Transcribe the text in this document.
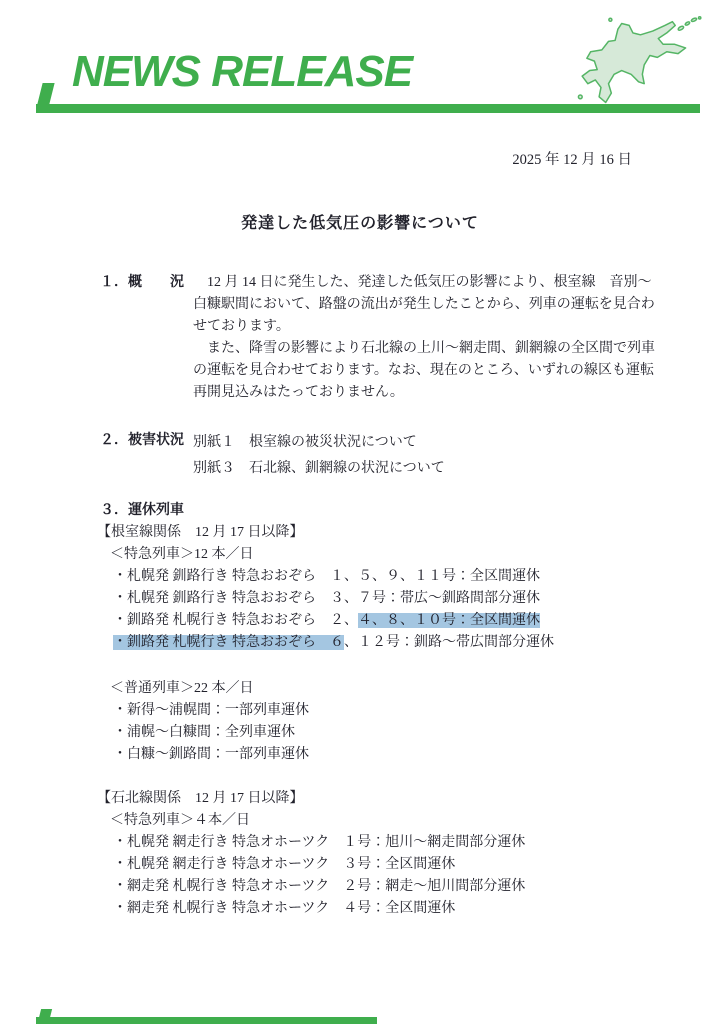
NEWS RELEASE
2025 年 12 月 16 日
発達した低気圧の影響について
１．概　　況 　12 月 14 日に発生した、発達した低気圧の影響により、根室線　音別～
白糠駅間において、路盤の流出が発生したことから、列車の運転を見合わ
せております。
　また、降雪の影響により石北線の上川～網走間、釧網線の全区間で列車
の運転を見合わせております。なお、現在のところ、いずれの線区も運転
再開見込みはたっておりません。
２．被害状況 別紙１　根室線の被災状況について
別紙３　石北線、釧網線の状況について
３．運休列車
【根室線関係　12 月 17 日以降】
＜特急列車＞12 本／日
・札幌発 釧路行き 特急おおぞら　１、５、９、１１号：全区間運休
・札幌発 釧路行き 特急おおぞら　３、７号：帯広～釧路間部分運休
・釧路発 札幌行き 特急おおぞら　２、４、８、１０号：全区間運休
・釧路発 札幌行き 特急おおぞら　６、１２号：釧路～帯広間部分運休
＜普通列車＞22 本／日
・新得～浦幌間：一部列車運休
・浦幌～白糠間：全列車運休
・白糠～釧路間：一部列車運休
【石北線関係　12 月 17 日以降】
＜特急列車＞４本／日
・札幌発 網走行き 特急オホーツク　１号：旭川～網走間部分運休
・札幌発 網走行き 特急オホーツク　３号：全区間運休
・網走発 札幌行き 特急オホーツク　２号：網走～旭川間部分運休
・網走発 札幌行き 特急オホーツク　４号：全区間運休
